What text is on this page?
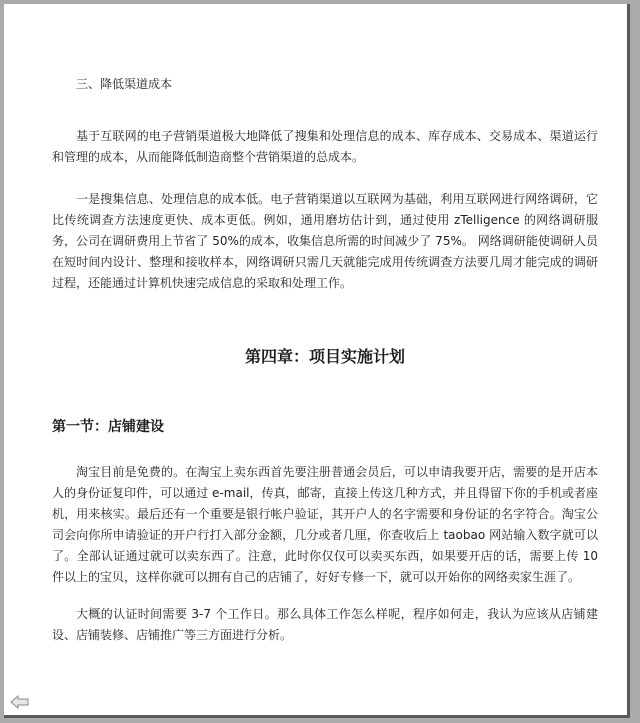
三、降低渠道成本

基于互联网的电子营销渠道极大地降低了搜集和处理信息的成本、库存成本、交易成本、渠道运行和管理的成本，从而能降低制造商整个营销渠道的总成本。

一是搜集信息、处理信息的成本低。电子营销渠道以互联网为基础，利用互联网进行网络调研，它比传统调查方法速度更快、成本更低。例如，通用磨坊估计到，通过使用 zTelligence 的网络调研服务，公司在调研费用上节省了 50%的成本，收集信息所需的时间减少了 75%。 网络调研能使调研人员在短时间内设计、整理和接收样本，网络调研只需几天就能完成用传统调查方法要几周才能完成的调研过程，还能通过计算机快速完成信息的采取和处理工作。

第四章：项目实施计划
第一节：店铺建设

淘宝目前是免费的。在淘宝上卖东西首先要注册普通会员后，可以申请我要开店，需要的是开店本人的身份证复印件，可以通过 e-mail，传真，邮寄，直接上传这几种方式，并且得留下你的手机或者座机，用来核实。最后还有一个重要是银行帐户验证，其开户人的名字需要和身份证的名字符合。淘宝公司会向你所申请验证的开户行打入部分金额，几分或者几厘，你查收后上 taobao 网站输入数字就可以了。全部认证通过就可以卖东西了。注意，此时你仅仅可以卖买东西，如果要开店的话，需要上传 10 件以上的宝贝，这样你就可以拥有自己的店铺了，好好专修一下，就可以开始你的网络卖家生涯了。

大概的认证时间需要 3-7 个工作日。那么具体工作怎么样呢，程序如何走，我认为应该从店铺建设、店铺装修、店铺推广等三方面进行分析。
